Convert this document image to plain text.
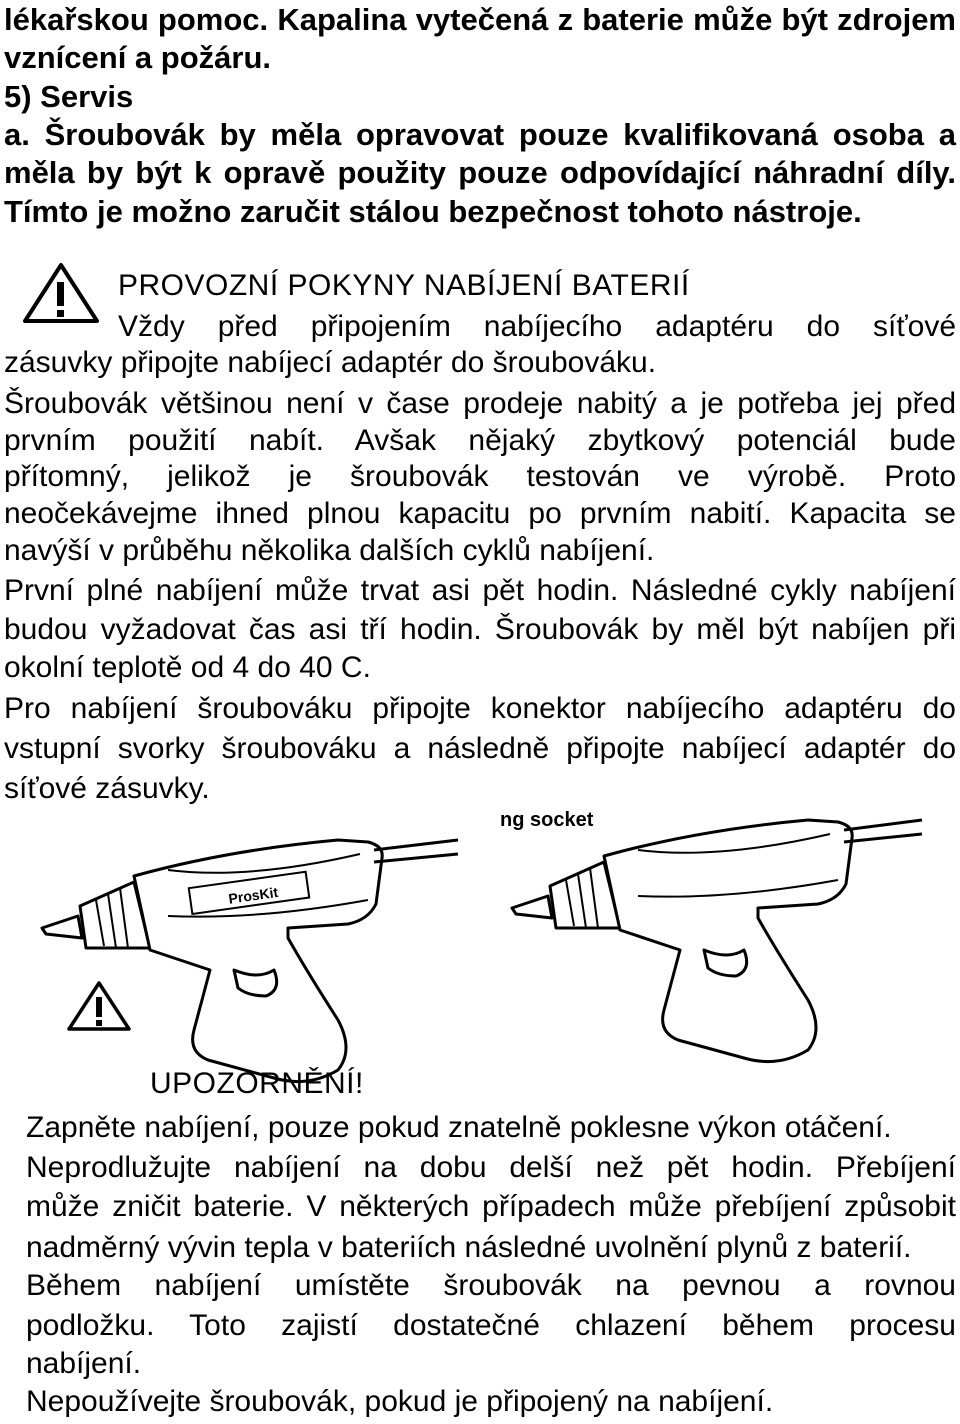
lékařskou pomoc. Kapalina vytečená z baterie může být zdrojem
vznícení a požáru.
5) Servis
a. Šroubovák by měla opravovat pouze kvalifikovaná osoba a
měla by být k opravě použity pouze odpovídající náhradní díly.
Tímto je možno zaručit stálou bezpečnost tohoto nástroje.
PROVOZNÍ POKYNY NABÍJENÍ BATERIÍ
Vždy před připojením nabíjecího adaptéru do síťové
zásuvky připojte nabíjecí adaptér do šroubováku.
Šroubovák většinou není v čase prodeje nabitý a je potřeba jej před
prvním použití nabít. Avšak nějaký zbytkový potenciál bude
přítomný, jelikož je šroubovák testován ve výrobě. Proto
neočekávejme ihned plnou kapacitu po prvním nabití. Kapacita se
navýší v průběhu několika dalších cyklů nabíjení.
První plné nabíjení může trvat asi pět hodin. Následné cykly nabíjení
budou vyžadovat čas asi tří hodin. Šroubovák by měl být nabíjen při
okolní teplotě od 4 do 40 C.
Pro nabíjení šroubováku připojte konektor nabíjecího adaptéru do
vstupní svorky šroubováku a následně připojte nabíjecí adaptér do
síťové zásuvky.
ng socket
ProsKit
UPOZORNĚNÍ!
Zapněte nabíjení, pouze pokud znatelně poklesne výkon otáčení.
Neprodlužujte nabíjení na dobu delší než pět hodin. Přebíjení
může zničit baterie. V některých případech může přebíjení způsobit
nadměrný vývin tepla v bateriích následné uvolnění plynů z baterií.
Během nabíjení umístěte šroubovák na pevnou a rovnou
podložku. Toto zajistí dostatečné chlazení během procesu
nabíjení.
Nepoužívejte šroubovák, pokud je připojený na nabíjení.
